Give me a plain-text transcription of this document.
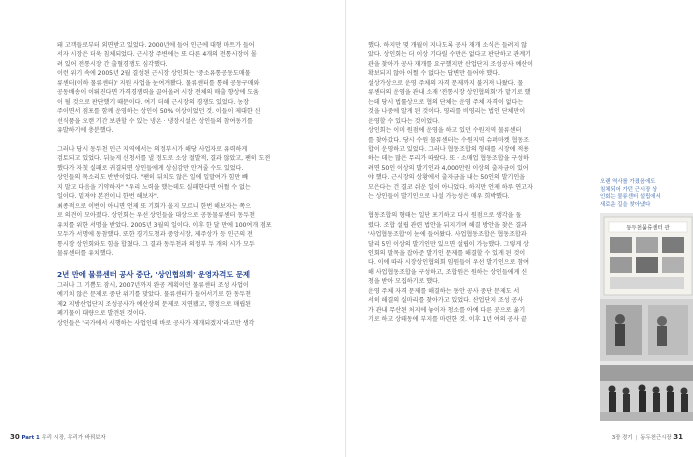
돼 고객들로부터 외면받고 있었다. 2000년에 들어 인근에 대형 마트가 들어

서자 시장은 더욱 침체되었다. 근시장 주변에는 또 다른 4개의 전통시장이 몰

려 있어 전통시장 간 출혈경쟁도 심각했다.

이런 위기 속에 2005년 2월 결성된 근시장 상인회는 '중소유통공동도매물

류센터(이하 물류센터)' 지원 사업을 눈여겨봤다. 물류센터를 통해 공동구매와

공동배송이 이뤄진다면 가격경쟁력을 끌어올려 시장 전체의 매출 향상에 도움

이 될 것으로 판단했기 때문이다. 여기 더해 근시장의 경쟁도 있었다. 농장

주이면서 점포를 함께 운영하는 상인이 50% 이상이었던 것. 이들이 제대한 신

선식품을 오랜 기간 보관할 수 있는 냉온 · 냉장시설은 상인들의 참여동기를

유발하기에 충분했다.

그러나 당시 동두천 인근 지역에서는 의정부시가 해당 사업자로 유력하게

검토되고 있었다. 뒤늦게 신청서를 낼 정도로 소상 절발적, 결과 않았고, 팬히 도전

했다가 자칫 실패로 귀결되면 상인들에게 상심감만 안겨줄 수도 있었다.

상인들의 목소리도 반반이었다. "팬히 뒤치도 않은 일에 일말여가 힘만 빼

지 말고 다음을 기약하자" "우리 노력을 했는데도 실패한다면 어쩔 수 없는

일이다. 밑져야 본전이니 한번 해보자".

최종적으로 이번이 아니면 언제 또 기회가 올지 모르니 한번 해보자는 쪽으

로 의견이 모아졌다. 상인회는 우선 상인들을 대상으로 공동물류센터 동두천

유치를 위한 서명을 받았다. 2005년 3월의 일이다. 이후 한 달 만에 100여개 점포

모두가 서명에 동참했다. 또한 경기도청과 중앙시장, 제주상가 등 인근의 전

통시장 상인회와도 힘을 합쳤다. 그 결과 동두천과 의정부 두 개의 시가 모두

물류센터를 유치했다.

2년 만에 물류센터 공사 중단, '상인협의회' 운영자격도 문제

그러나 그 기쁨도 잠시, 2007년까지 완공 계획이던 물류센터 조성 사업이

예기치 않은 문제로 중단 위기를 맞았다. 물류센터가 들어서기로 한 동두천

제2 지방산업단지 조성공사가 예산상의 문제로 지연됐고, 행정으로 매립된

폐기물이 대량으로 발견된 것이다.

상인들은 '국가에서 시행하는 사업인데 바로 공사가 재개되겠지'라고만 생각

했다. 하지만 몇 개월이 지나도록 공사 재개 소식은 들려지 않

았다. 상인회는 더 이상 기다릴 수만은 없다고 판단하고 관계기

관을 찾아가 공사 재개를 요구했지만 산업단지 조성공사 예산이

확보되지 않아 어쩔 수 없다는 답변만 들어야 했다.

설상가상으로 운영 주체의 자격 문제까지 불거져 나왔다. 물

류센터의 운영을 관내 소재 '전통시장 상인협의회'가 맡기로 했

는데 당시 법률상으로 협의 단체는 운영 주체 자격이 없다는

것을 나중에 알게 된 것이다. 영리를 비영리는 법인 단체만이

운영할 수 있다는 것이었다.

상인회는 이미 원점에 운영을 하고 있던 수원지역 물류센터

를 찾아갔다. 당시 수원 물류센터는 수원지역 슈퍼마켓 협동조

합이 운영하고 있었다. 그러나 협동조합의 형태를 시장에 적용

하는 데는 많은 무리가 따랐다. 또 · 소매업 협동조합을 구성하

려면 50인 이상의 발기인과 4,000만원 이상의 출자금이 있어

야 했다. 근시장의 상황에서 출자금을 내는 50인의 발기인을

모은다는 건 결코 쉬운 일이 아니었다. 하지만 언제 하루 연고자

는 상인들이 발기인으로 나설 가능성은 매우 희박했다.

협동조합의 형태는 일단 포기하고 다시 원점으로 생각을 돌

렸다. 조합 설립 관련 법안을 뒤지기며 해결 방안을 찾은 결과

'사업협동조합'이 눈에 들어왔다. 사업협동조합은 협동조합과

달리 5인 이상의 발기인만 있으면 설립이 가능했다. 그렇게 상

인회의 말목을 잡아준 발기인 문제를 해결할 수 있게 된 것이

다. 이에 따라 시장상인협의회 임원들이 우선 발기인으로 참여

해 사업협동조합을 구성하고, 조합원은 원하는 상인들에게 신

청을 받아 모집하기로 했다.

운영 주체 자격 문제를 해결하는 동안 공사 중단 문제도 서

서히 해결의 실마리를 찾아가고 있었다. 산업단지 조성 공사

가 관내 무산된 처지에 놓이자 청소를 아예 다른 곳으로 옮기

기로 하고 상태동에 부지를 마련한 것. 이후 1년 여의 공사 끝

오랜 역사를 가졌음에도

침체되어 가던 근시장 상

인회는 물류센터 설립에서

새로운 길을 찾아냈다

동두천물류센터 관
30 Part 1 우리 시장, 우리가 바꿔보자	3장 경기 | 동두천근시장 31
